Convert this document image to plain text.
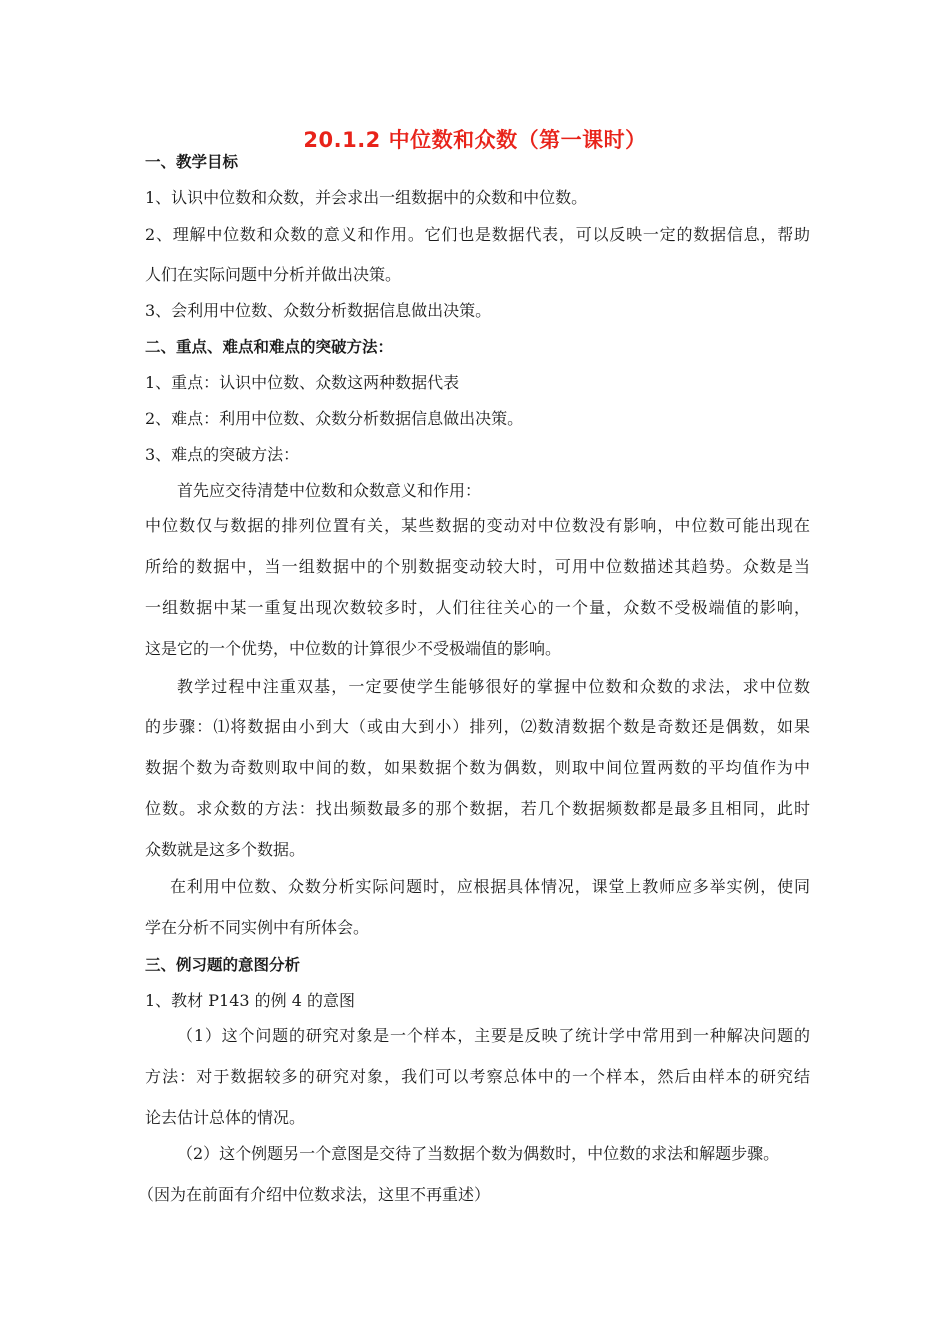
20.1.2 中位数和众数（第一课时）
一、教学目标
1、认识中位数和众数，并会求出一组数据中的众数和中位数。
2、理解中位数和众数的意义和作用。它们也是数据代表，可以反映一定的数据信息，帮助
人们在实际问题中分析并做出决策。
3、会利用中位数、众数分析数据信息做出决策。
二、重点、难点和难点的突破方法：
1、重点：认识中位数、众数这两种数据代表
2、难点：利用中位数、众数分析数据信息做出决策。
3、难点的突破方法：
首先应交待清楚中位数和众数意义和作用：
中位数仅与数据的排列位置有关，某些数据的变动对中位数没有影响，中位数可能出现在
所给的数据中，当一组数据中的个别数据变动较大时，可用中位数描述其趋势。众数是当
一组数据中某一重复出现次数较多时，人们往往关心的一个量，众数不受极端值的影响，
这是它的一个优势，中位数的计算很少不受极端值的影响。
教学过程中注重双基，一定要使学生能够很好的掌握中位数和众数的求法，求中位数
的步骤：⑴将数据由小到大（或由大到小）排列，⑵数清数据个数是奇数还是偶数，如果
数据个数为奇数则取中间的数，如果数据个数为偶数，则取中间位置两数的平均值作为中
位数。求众数的方法：找出频数最多的那个数据，若几个数据频数都是最多且相同，此时
众数就是这多个数据。
在利用中位数、众数分析实际问题时，应根据具体情况，课堂上教师应多举实例，使同
学在分析不同实例中有所体会。
三、例习题的意图分析
1、教材 P143 的例 4 的意图
（1）这个问题的研究对象是一个样本，主要是反映了统计学中常用到一种解决问题的
方法：对于数据较多的研究对象，我们可以考察总体中的一个样本，然后由样本的研究结
论去估计总体的情况。
（2）这个例题另一个意图是交待了当数据个数为偶数时，中位数的求法和解题步骤。
（因为在前面有介绍中位数求法，这里不再重述）
